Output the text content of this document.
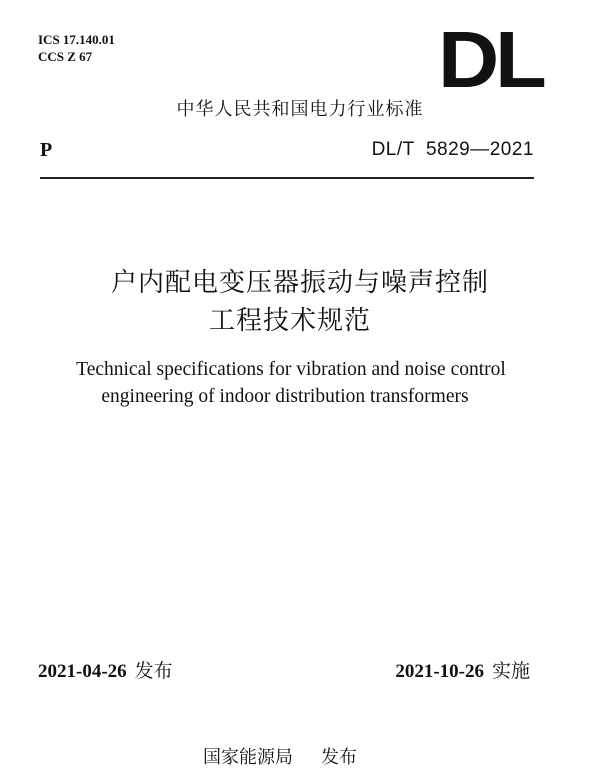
ICS 17.140.01
CCS Z 67	DL
中华人民共和国电力行业标准
P	DL/T  5829—2021
户内配电变压器振动与噪声控制
工程技术规范
Technical specifications for vibration and noise control
engineering of indoor distribution transformers
2021-04-26 发布	2021-10-26 实施
国家能源局 发布
